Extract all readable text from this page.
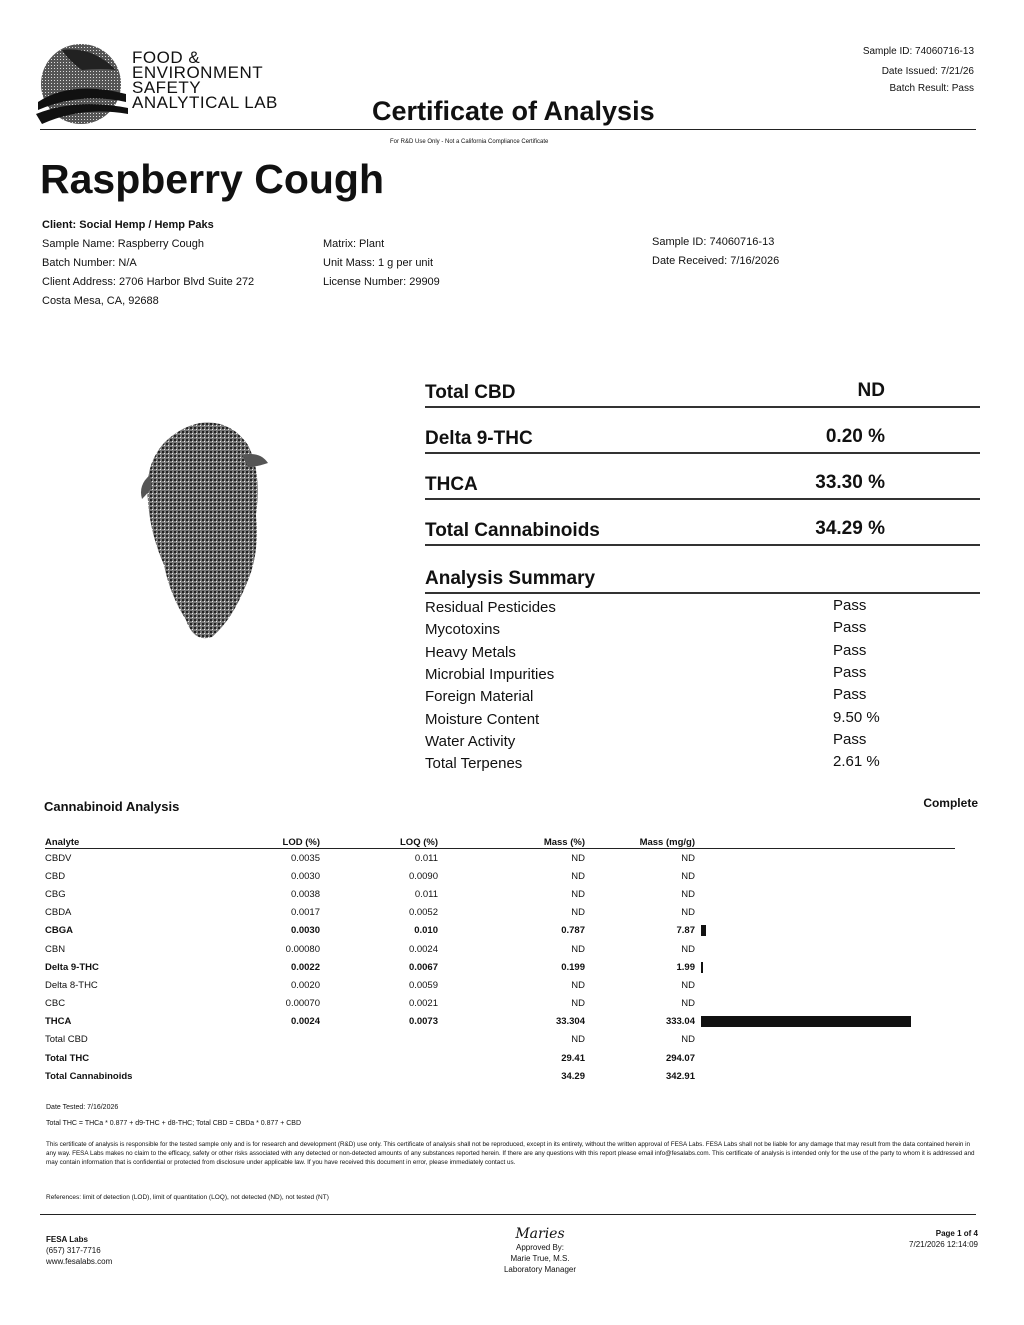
FOOD &
ENVIRONMENT
SAFETY
ANALYTICAL LAB
Sample ID: 74060716-13
Date Issued: 7/21/26
Batch Result: Pass
Certificate of Analysis
For R&D Use Only - Not a California Compliance Certificate
Raspberry Cough
Client: Social Hemp / Hemp Paks
Sample Name: Raspberry Cough
Batch Number: N/A
Client Address: 2706 Harbor Blvd Suite 272
Costa Mesa, CA, 92688
Matrix: Plant
Unit Mass: 1 g per unit
License Number: 29909
Sample ID: 74060716-13
Date Received: 7/16/2026
Total CBD	ND
Delta 9-THC	0.20 %
THCA	33.30 %
Total Cannabinoids	34.29 %
Analysis Summary
Residual Pesticides	Pass
Mycotoxins	Pass
Heavy Metals	Pass
Microbial Impurities	Pass
Foreign Material	Pass
Moisture Content	9.50 %
Water Activity	Pass
Total Terpenes	2.61 %
Cannabinoid Analysis	Complete
Analyte	LOD (%)	LOQ (%)	Mass (%)	Mass (mg/g)	
CBDV	0.0035	0.011	ND	ND	
CBD	0.0030	0.0090	ND	ND	
CBG	0.0038	0.011	ND	ND	
CBDA	0.0017	0.0052	ND	ND	
CBGA	0.0030	0.010	0.787	7.87	
CBN	0.00080	0.0024	ND	ND	
Delta 9-THC	0.0022	0.0067	0.199	1.99	
Delta 8-THC	0.0020	0.0059	ND	ND	
CBC	0.00070	0.0021	ND	ND	
THCA	0.0024	0.0073	33.304	333.04	
Total CBD			ND	ND	
Total THC			29.41	294.07	
Total Cannabinoids			34.29	342.91	
Date Tested: 7/16/2026
Total THC = THCa * 0.877 + d9-THC + d8-THC; Total CBD = CBDa * 0.877 + CBD
This certificate of analysis is responsible for the tested sample only and is for research and development (R&D) use only. This certificate of analysis shall not be reproduced, except in its entirety, without the written approval of FESA Labs. FESA Labs shall not be liable for any damage that may result from the data contained herein in any way. FESA Labs makes no claim to the efficacy, safety or other risks associated with any detected or non-detected amounts of any substances reported herein. If there are any questions with this report please email info@fesalabs.com. This certificate of analysis is intended only for the use of the party to whom it is addressed and may contain information that is confidential or protected from disclosure under applicable law. If you have received this document in error, please immediately contact us.
References: limit of detection (LOD), limit of quantitation (LOQ), not detected (ND), not tested (NT)
FESA Labs
(657) 317-7716
www.fesalabs.com
Maries
Approved By:
Marie True, M.S.
Laboratory Manager
Page 1 of 4
7/21/2026 12:14:09
